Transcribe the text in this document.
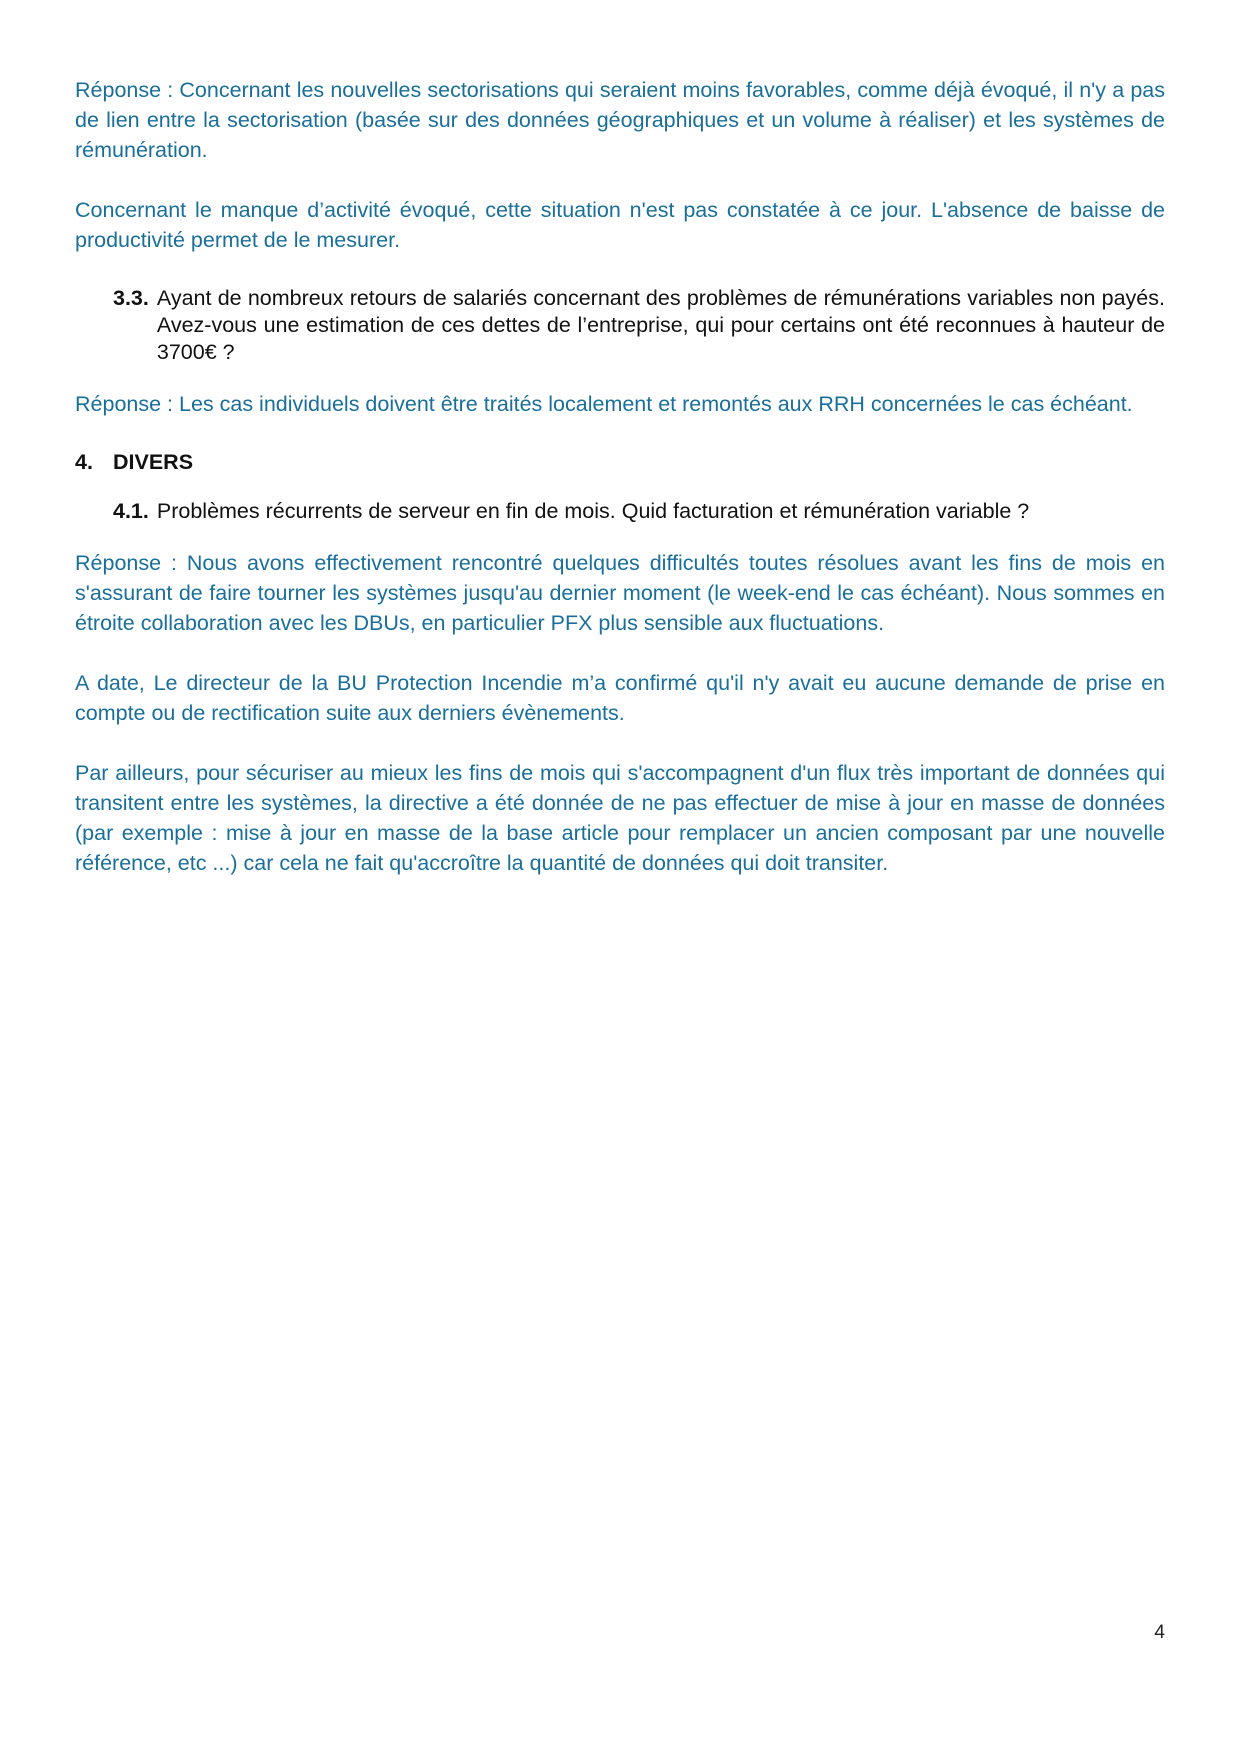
Réponse : Concernant les nouvelles sectorisations qui seraient moins favorables, comme déjà évoqué, il n'y a pas de lien entre la sectorisation (basée sur des données géographiques et un volume à réaliser) et les systèmes de rémunération.

Concernant le manque d’activité évoqué, cette situation n'est pas constatée à ce jour. L'absence de baisse de productivité permet de le mesurer.

3.3. Ayant de nombreux retours de salariés concernant des problèmes de rémunérations variables non payés. Avez-vous une estimation de ces dettes de l’entreprise, qui pour certains ont été reconnues à hauteur de 3700€ ?

Réponse : Les cas individuels doivent être traités localement et remontés aux RRH concernées le cas échéant.

4. DIVERS
4.1. Problèmes récurrents de serveur en fin de mois. Quid facturation et rémunération variable ?

Réponse : Nous avons effectivement rencontré quelques difficultés toutes résolues avant les fins de mois en s'assurant de faire tourner les systèmes jusqu'au dernier moment (le week-end le cas échéant). Nous sommes en étroite collaboration avec les DBUs, en particulier PFX plus sensible aux fluctuations.

A date, Le directeur de la BU Protection Incendie m’a confirmé qu'il n'y avait eu aucune demande de prise en compte ou de rectification suite aux derniers évènements.

Par ailleurs, pour sécuriser au mieux les fins de mois qui s'accompagnent d'un flux très important de données qui transitent entre les systèmes, la directive a été donnée de ne pas effectuer de mise à jour en masse de données (par exemple : mise à jour en masse de la base article pour remplacer un ancien composant par une nouvelle référence, etc ...) car cela ne fait qu'accroître la quantité de données qui doit transiter.

4
